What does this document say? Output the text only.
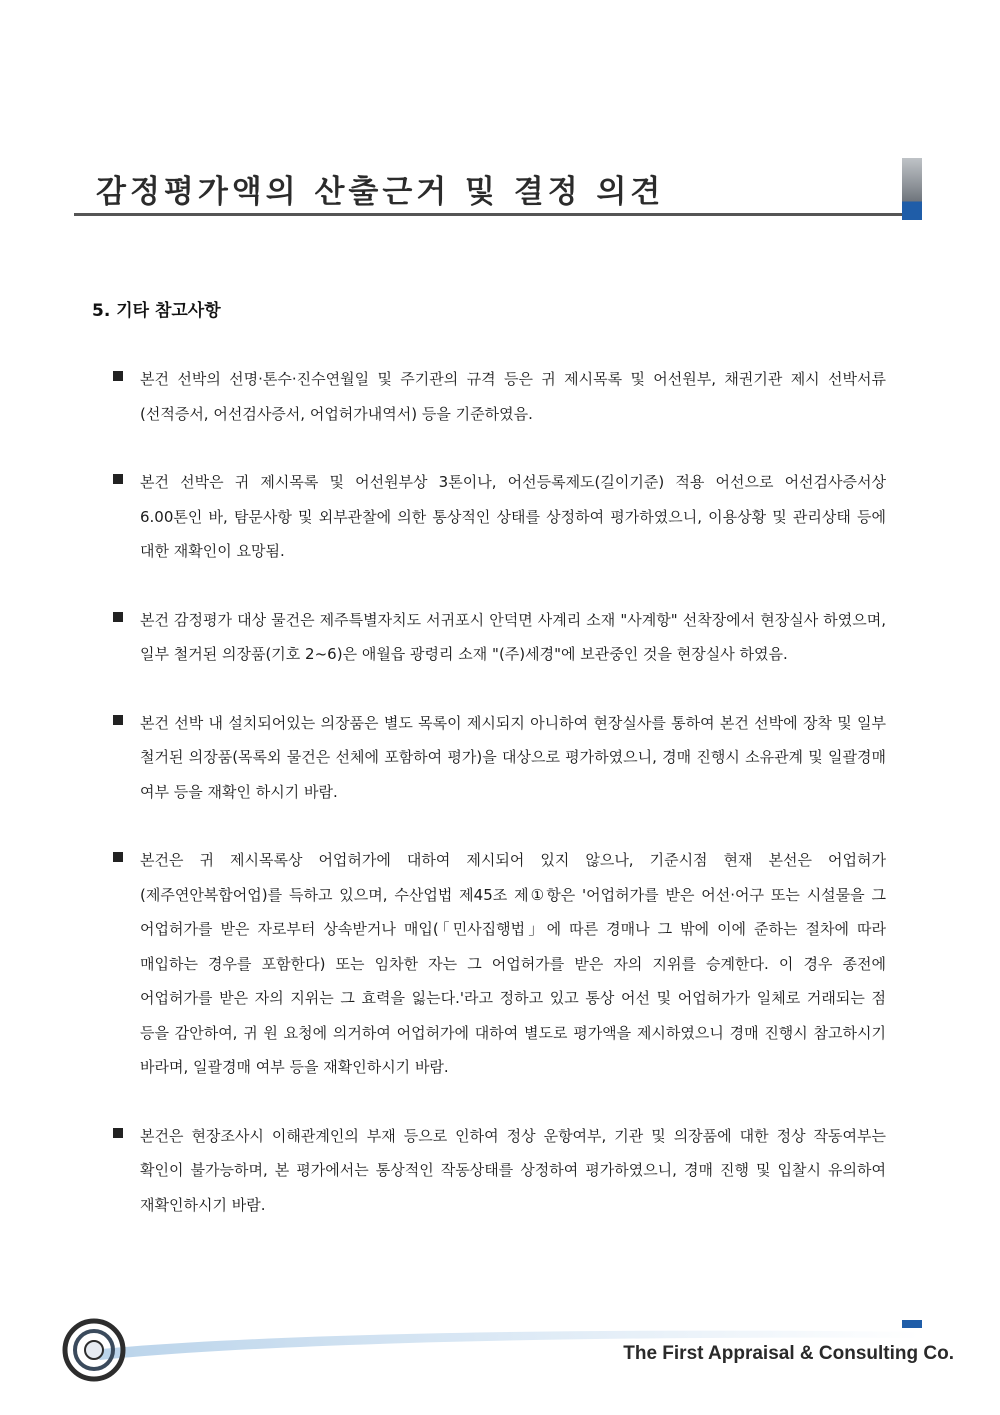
감정평가액의 산출근거 및 결정 의견
5. 기타 참고사항
본건 선박의 선명·톤수·진수연월일 및 주기관의 규격 등은 귀 제시목록 및 어선원부, 채권기관 제시 선박서류(선적증서, 어선검사증서, 어업허가내역서) 등을 기준하였음.
본건 선박은 귀 제시목록 및 어선원부상 3톤이나, 어선등록제도(길이기준) 적용 어선으로 어선검사증서상 6.00톤인 바, 탐문사항 및 외부관찰에 의한 통상적인 상태를 상정하여 평가하였으니, 이용상황 및 관리상태 등에 대한 재확인이 요망됨.
본건 감정평가 대상 물건은 제주특별자치도 서귀포시 안덕면 사계리 소재 "사계항" 선착장에서 현장실사 하였으며, 일부 철거된 의장품(기호 2~6)은 애월읍 광령리 소재 "(주)세경"에 보관중인 것을 현장실사 하였음.
본건 선박 내 설치되어있는 의장품은 별도 목록이 제시되지 아니하여 현장실사를 통하여 본건 선박에 장착 및 일부 철거된 의장품(목록외 물건은 선체에 포함하여 평가)을 대상으로 평가하였으니, 경매 진행시 소유관계 및 일괄경매 여부 등을 재확인 하시기 바람.
본건은 귀 제시목록상 어업허가에 대하여 제시되어 있지 않으나, 기준시점 현재 본선은 어업허가(제주연안복합어업)를 득하고 있으며, 수산업법 제45조 제①항은 '어업허가를 받은 어선·어구 또는 시설물을 그 어업허가를 받은 자로부터 상속받거나 매입(「민사집행법」에 따른 경매나 그 밖에 이에 준하는 절차에 따라 매입하는 경우를 포함한다) 또는 임차한 자는 그 어업허가를 받은 자의 지위를 승계한다. 이 경우 종전에 어업허가를 받은 자의 지위는 그 효력을 잃는다.'라고 정하고 있고 통상 어선 및 어업허가가 일체로 거래되는 점 등을 감안하여, 귀 원 요청에 의거하여 어업허가에 대하여 별도로 평가액을 제시하였으니 경매 진행시 참고하시기 바라며, 일괄경매 여부 등을 재확인하시기 바람.
본건은 현장조사시 이해관계인의 부재 등으로 인하여 정상 운항여부, 기관 및 의장품에 대한 정상 작동여부는 확인이 불가능하며, 본 평가에서는 통상적인 작동상태를 상정하여 평가하였으니, 경매 진행 및 입찰시 유의하여 재확인하시기 바람.
The First Appraisal & Consulting Co.
